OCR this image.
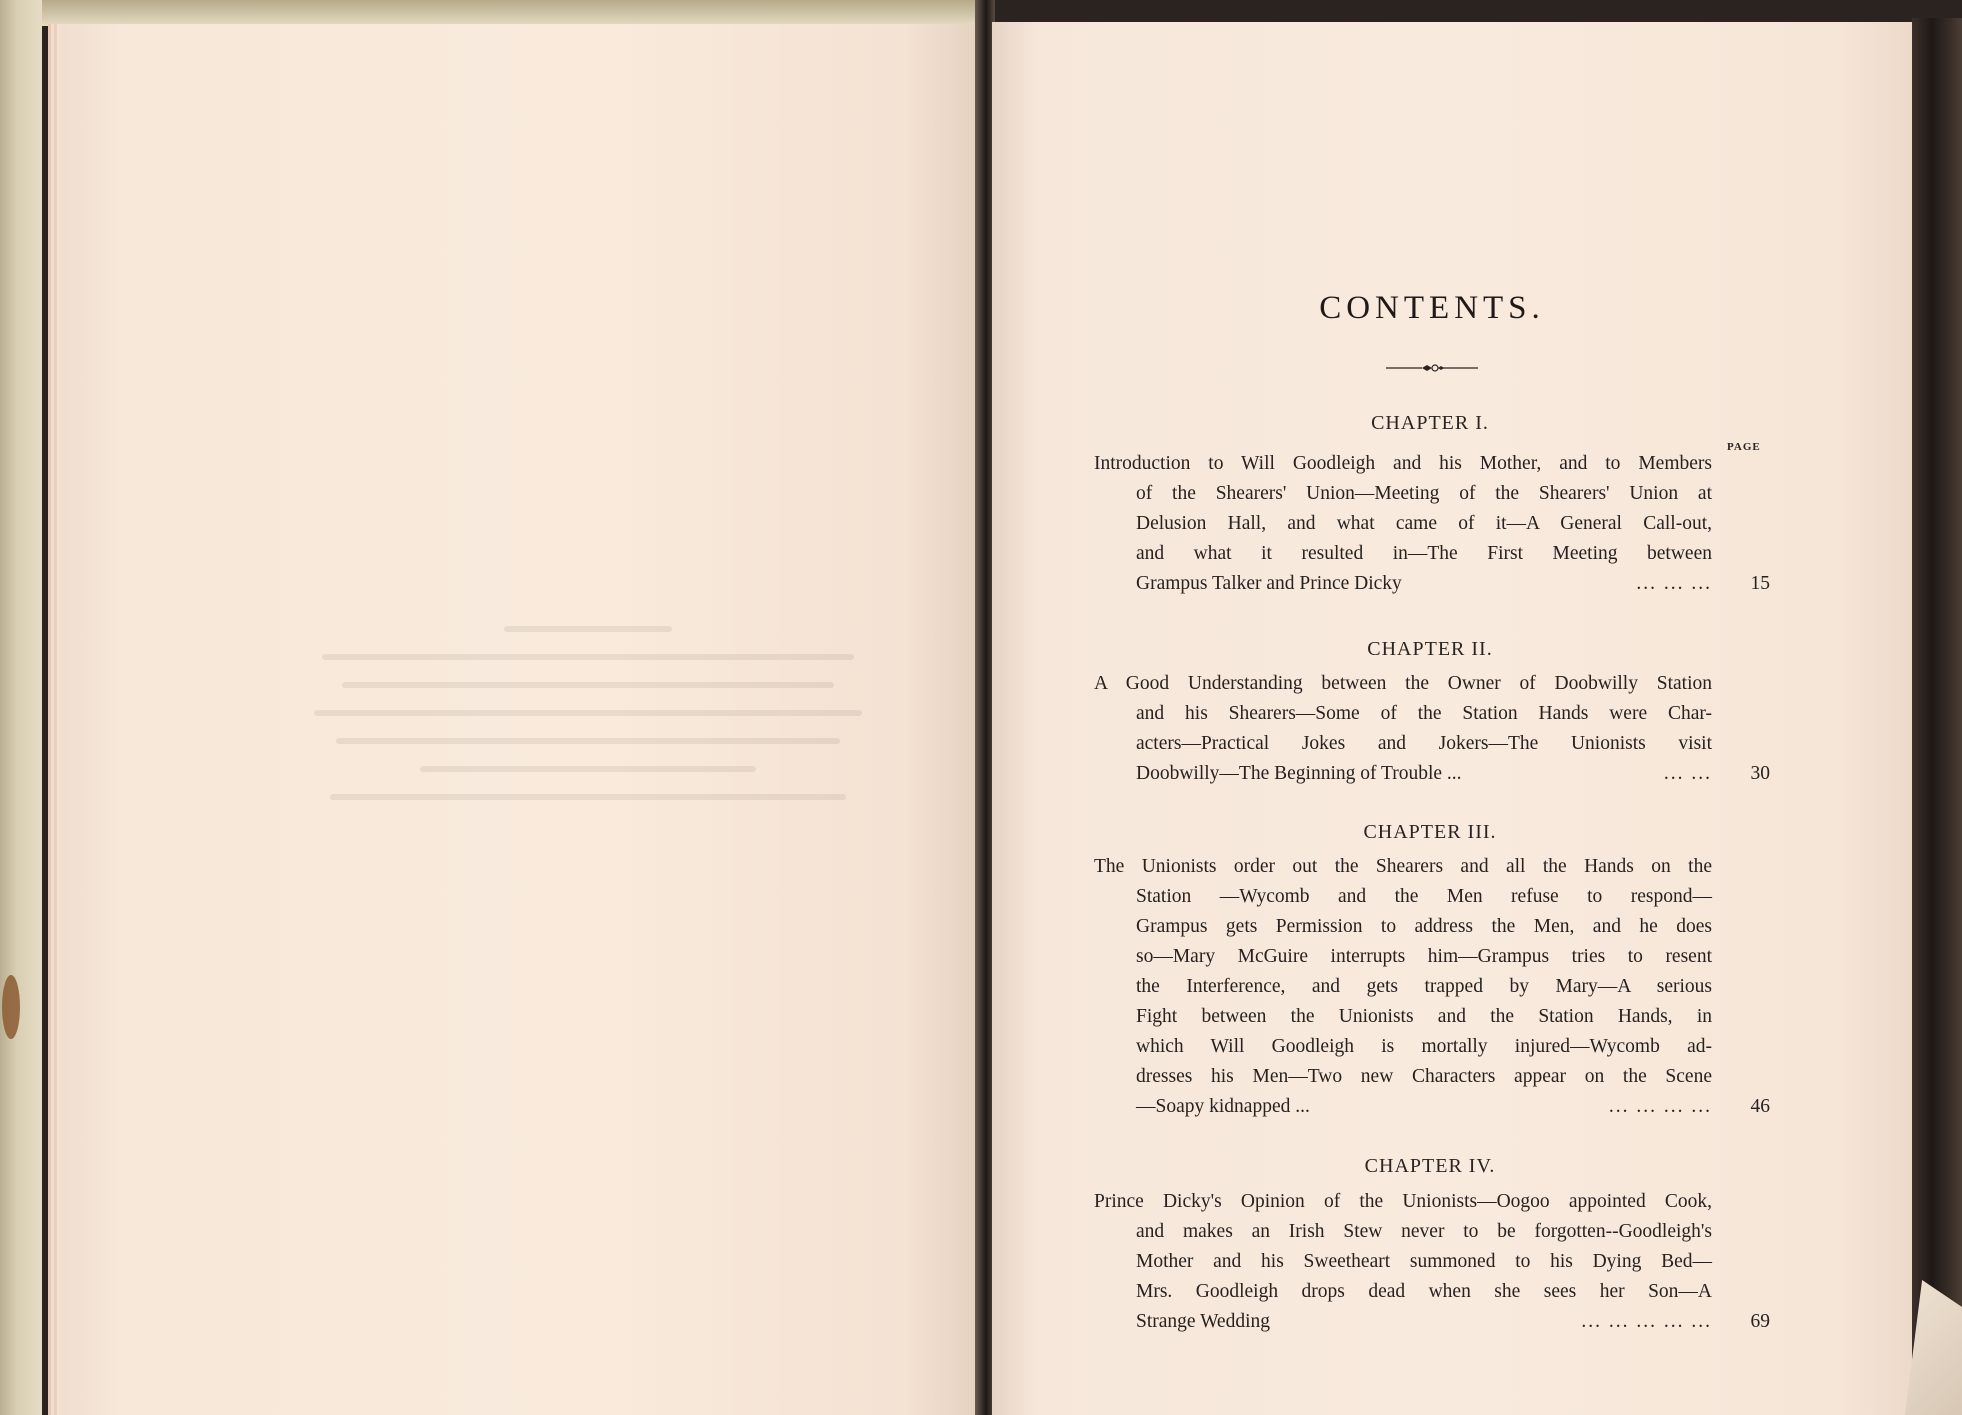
CONTENTS.
PAGE
CHAPTER I.
Introduction to Will Goodleigh and his Mother, and to Members
of the Shearers' Union—Meeting of the Shearers' Union at
Delusion Hall, and what came of it—A General Call-out,
and what it resulted in—The First Meeting between
Grampus Talker and Prince Dicky	... ... ...	15
CHAPTER II.
A Good Understanding between the Owner of Doobwilly Station
and his Shearers—Some of the Station Hands were Char-
acters—Practical Jokes and Jokers—The Unionists visit
Doobwilly—The Beginning of Trouble ...	... ...	30
CHAPTER III.
The Unionists order out the Shearers and all the Hands on the
Station —Wycomb and the Men refuse to respond—
Grampus gets Permission to address the Men, and he does
so—Mary McGuire interrupts him—Grampus tries to resent
the Interference, and gets trapped by Mary—A serious
Fight between the Unionists and the Station Hands, in
which Will Goodleigh is mortally injured—Wycomb ad-
dresses his Men—Two new Characters appear on the Scene
—Soapy kidnapped ...	... ... ... ...	46
CHAPTER IV.
Prince Dicky's Opinion of the Unionists—Oogoo appointed Cook,
and makes an Irish Stew never to be forgotten--Goodleigh's
Mother and his Sweetheart summoned to his Dying Bed—
Mrs. Goodleigh drops dead when she sees her Son—A
Strange Wedding	... ... ... ... ...	69
